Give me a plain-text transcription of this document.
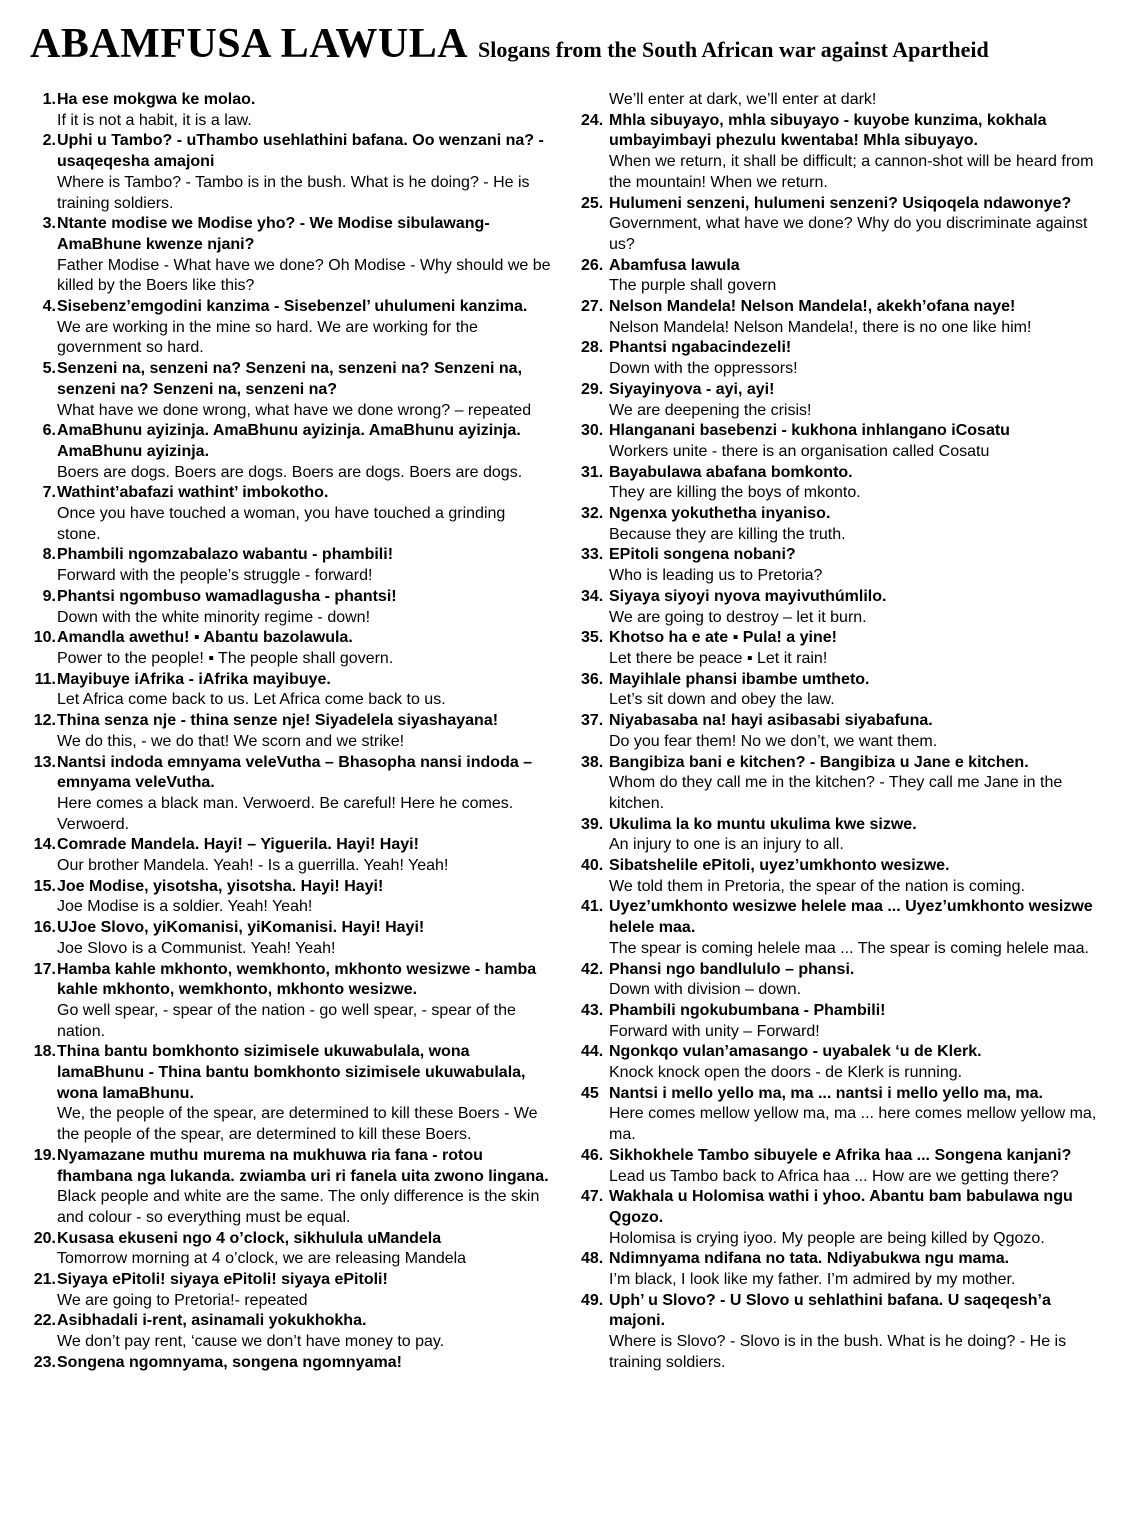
ABAMFUSA LAWULA Slogans from the South African war against Apartheid
1. Ha ese mokgwa ke molao.
If it is not a habit, it is a law.
2. Uphi u Tambo? - uThambo usehlathini bafana. Oo wenzani na? - usaqeqesha amajoni
Where is Tambo? - Tambo is in the bush. What is he doing? - He is training soldiers.
3. Ntante modise we Modise yho? - We Modise sibulawang-AmaBhune kwenze njani?
Father Modise - What have we done? Oh Modise - Why should we be killed by the Boers like this?
4. Sisebenz’emgodini kanzima - Sisebenzel’ uhulumeni kanzima.
We are working in the mine so hard. We are working for the government so hard.
5. Senzeni na, senzeni na? Senzeni na, senzeni na? Senzeni na, senzeni na? Senzeni na, senzeni na?
What have we done wrong, what have we done wrong? – repeated
6. AmaBhunu ayizinja. AmaBhunu ayizinja. AmaBhunu ayizinja. AmaBhunu ayizinja.
Boers are dogs. Boers are dogs. Boers are dogs. Boers are dogs.
7. Wathint’abafazi wathint’ imbokotho.
Once you have touched a woman, you have touched a grinding stone.
8. Phambili ngomzabalazo wabantu - phambili!
Forward with the people’s struggle - forward!
9. Phantsi ngombuso wamadlagusha - phantsi!
Down with the white minority regime - down!
10. Amandla awethu! ▪ Abantu bazolawula.
Power to the people! ▪ The people shall govern.
11. Mayibuye iAfrika - iAfrika mayibuye.
Let Africa come back to us. Let Africa come back to us.
12. Thina senza nje - thina senze nje! Siyadelela siyashayana!
We do this, - we do that! We scorn and we strike!
13. Nantsi indoda emnyama veleVutha – Bhasopha nansi indoda – emnyama veleVutha.
Here comes a black man. Verwoerd. Be careful! Here he comes. Verwoerd.
14. Comrade Mandela. Hayi! – Yiguerila. Hayi! Hayi!
Our brother Mandela. Yeah! - Is a guerrilla. Yeah! Yeah!
15. Joe Modise, yisotsha, yisotsha. Hayi! Hayi!
Joe Modise is a soldier. Yeah! Yeah!
16. UJoe Slovo, yiKomanisi, yiKomanisi. Hayi! Hayi!
Joe Slovo is a Communist. Yeah! Yeah!
17. Hamba kahle mkhonto, wemkhonto, mkhonto wesizwe - hamba kahle mkhonto, wemkhonto, mkhonto wesizwe.
Go well spear, - spear of the nation - go well spear, - spear of the nation.
18. Thina bantu bomkhonto sizimisele ukuwabulala, wona lamaBhunu - Thina bantu bomkhonto sizimisele ukuwabulala, wona lamaBhunu.
We, the people of the spear, are determined to kill these Boers - We the people of the spear, are determined to kill these Boers.
19. Nyamazane muthu murema na mukhuwa ria fana - rotou fhambana nga lukanda. zwiamba uri ri fanela uita zwono lingana.
Black people and white are the same. The only difference is the skin and colour - so everything must be equal.
20. Kusasa ekuseni ngo 4 o’clock, sikhulula uMandela
Tomorrow morning at 4 o’clock, we are releasing Mandela
21. Siyaya ePitoli! siyaya ePitoli! siyaya ePitoli!
We are going to Pretoria!- repeated
22. Asibhadali i-rent, asinamali yokukhokha.
We don’t pay rent, ‘cause we don’t have money to pay.
23. Songena ngomnyama, songena ngomnyama!
We’ll enter at dark, we’ll enter at dark!
24. Mhla sibuyayo, mhla sibuyayo - kuyobe kunzima, kokhala umbayimbayi phezulu kwentaba! Mhla sibuyayo.
When we return, it shall be difficult; a cannon-shot will be heard from the mountain! When we return.
25. Hulumeni senzeni, hulumeni senzeni? Usiqoqela ndawonye?
Government, what have we done? Why do you discriminate against us?
26. Abamfusa lawula
The purple shall govern
27. Nelson Mandela! Nelson Mandela!, akekh’ofana naye!
Nelson Mandela! Nelson Mandela!, there is no one like him!
28. Phantsi ngabacindezeli!
Down with the oppressors!
29. Siyayinyova - ayi, ayi!
We are deepening the crisis!
30. Hlanganani basebenzi - kukhona inhlangano iCosatu
Workers unite - there is an organisation called Cosatu
31. Bayabulawa abafana bomkonto.
They are killing the boys of mkonto.
32. Ngenxa yokuthetha inyaniso.
Because they are killing the truth.
33. EPitoli songena nobani?
Who is leading us to Pretoria?
34. Siyaya siyoyi nyova mayivuthúmlilo.
We are going to destroy – let it burn.
35. Khotso ha e ate ▪ Pula! a yine!
Let there be peace ▪ Let it rain!
36. Mayihlale phansi ibambe umtheto.
Let’s sit down and obey the law.
37. Niyabasaba na! hayi asibasabi siyabafuna.
Do you fear them! No we don’t, we want them.
38. Bangibiza bani e kitchen? - Bangibiza u Jane e kitchen.
Whom do they call me in the kitchen? - They call me Jane in the kitchen.
39. Ukulima la ko muntu ukulima kwe sizwe.
An injury to one is an injury to all.
40. Sibatshelile ePitoli, uyez’umkhonto wesizwe.
We told them in Pretoria, the spear of the nation is coming.
41. Uyez’umkhonto wesizwe helele maa ... Uyez’umkhonto wesizwe helele maa.
The spear is coming helele maa ... The spear is coming helele maa.
42. Phansi ngo bandlululo – phansi.
Down with division – down.
43. Phambili ngokubumbana - Phambili!
Forward with unity – Forward!
44. Ngonkqo vulan’amasango - uyabalek ‘u de Klerk.
Knock knock open the doors - de Klerk is running.
45 Nantsi i mello yello ma, ma ... nantsi i mello yello ma, ma.
Here comes mellow yellow ma, ma ... here comes mellow yellow ma, ma.
46. Sikhokhele Tambo sibuyele e Afrika haa ... Songena kanjani?
Lead us Tambo back to Africa haa ... How are we getting there?
47. Wakhala u Holomisa wathi i yhoo. Abantu bam babulawa ngu Qgozo.
Holomisa is crying iyoo. My people are being killed by Qgozo.
48. Ndimnyama ndifana no tata. Ndiyabukwa ngu mama.
I’m black, I look like my father. I’m admired by my mother.
49. Uph’ u Slovo? - U Slovo u sehlathini bafana. U saqeqesh’a majoni.
Where is Slovo? - Slovo is in the bush. What is he doing? - He is training soldiers.
